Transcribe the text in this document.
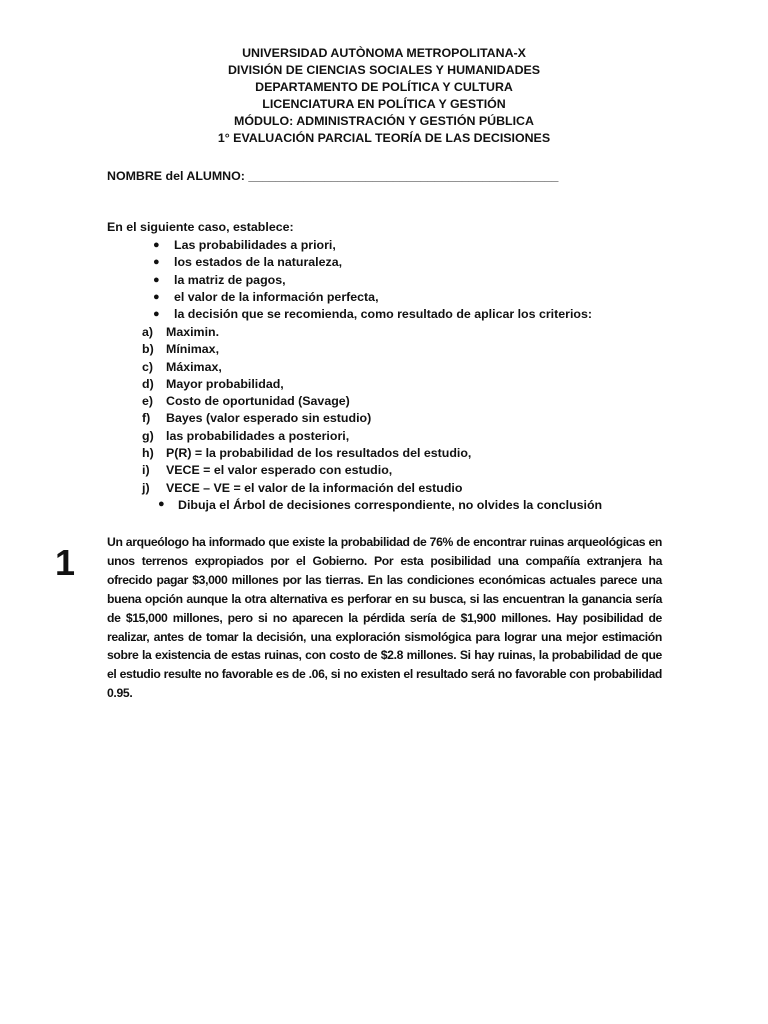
UNIVERSIDAD AUTÒNOMA METROPOLITANA-X
DIVISIÓN DE CIENCIAS SOCIALES Y HUMANIDADES
DEPARTAMENTO DE POLÍTICA Y CULTURA
LICENCIATURA EN POLÍTICA Y GESTIÓN
MÓDULO: ADMINISTRACIÓN Y GESTIÓN PÚBLICA
1° EVALUACIÓN PARCIAL TEORÍA DE LAS DECISIONES
NOMBRE del ALUMNO: _____________________________________________
En el siguiente caso, establece:
● Las probabilidades a priori,
● los estados de la naturaleza,
● la matriz de pagos,
● el valor de la información perfecta,
● la decisión que se recomienda, como resultado de aplicar los criterios:
a) Maximin.
b) Mínimax,
c) Máximax,
d) Mayor probabilidad,
e) Costo de oportunidad (Savage)
f) Bayes (valor esperado sin estudio)
g) las probabilidades a posteriori,
h) P(R) = la probabilidad de los resultados del estudio,
i) VECE = el valor esperado con estudio,
j) VECE – VE = el valor de la información del estudio
● Dibuja el Árbol de decisiones correspondiente, no olvides la conclusión
1	Un arqueólogo ha informado que existe la probabilidad de 76% de encontrar ruinas arqueológicas en unos terrenos expropiados por el Gobierno. Por esta posibilidad una compañía extranjera ha ofrecido pagar $3,000 millones por las tierras. En las condiciones económicas actuales parece una buena opción aunque la otra alternativa es perforar en su busca, si las encuentran la ganancia sería de $15,000 millones, pero si no aparecen la pérdida sería de $1,900 millones. Hay posibilidad de realizar, antes de tomar la decisión, una exploración sismológica para lograr una mejor estimación sobre la existencia de estas ruinas, con costo de $2.8 millones. Si hay ruinas, la probabilidad de que el estudio resulte no favorable es de .06, si no existen el resultado será no favorable con probabilidad 0.95.
